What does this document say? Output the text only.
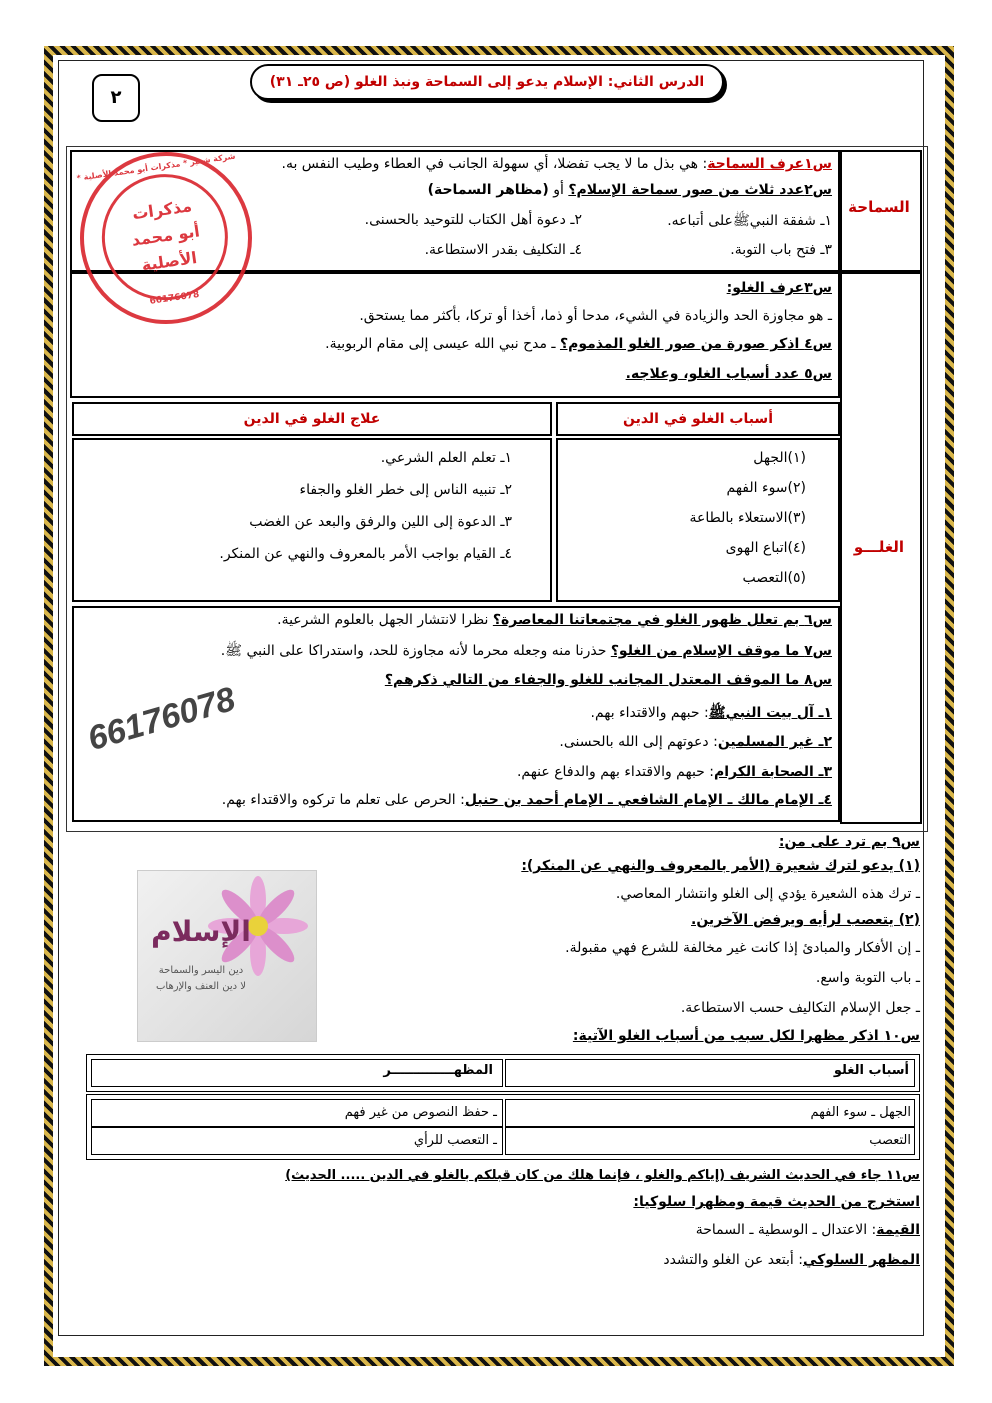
٢
الدرس الثاني: الإسلام يدعو إلى السماحة ونبذ الغلو (ص ٢٥ـ ٣١)
السماحة
س١عرف السماحة: هي بذل ما لا يجب تفضلا، أي سهولة الجانب في العطاء وطيب النفس به.
س٢عدد ثلاث من صور سماحة الإسلام؟ أو (مظاهر السماحة)
١ـ شفقة النبيﷺعلى أتباعه.
٢ـ دعوة أهل الكتاب للتوحيد بالحسنى.
٣ـ فتح باب التوبة.
٤ـ التكليف بقدر الاستطاعة.
الغلـــو
س٣عرف الغلو:
ـ هو مجاوزة الحد والزيادة في الشيء، مدحا أو ذما، أخذا أو تركا، بأكثر مما يستحق.
س٤ اذكر صورة من صور الغلو المذموم؟ ـ مدح نبي الله عيسى إلى مقام الربوبية.
س٥ عدد أسباب الغلو، وعلاجه.
أسباب الغلو في الدين
علاج الغلو في الدين
(١)الجهل
(٢)سوء الفهم
(٣)الاستعلاء بالطاعة
(٤)اتباع الهوى
(٥)التعصب
١ـ تعلم العلم الشرعي.
٢ـ تنبيه الناس إلى خطر الغلو والجفاء
٣ـ الدعوة إلى اللين والرفق والبعد عن الغضب
٤ـ القيام بواجب الأمر بالمعروف والنهي عن المنكر.
س٦ بم تعلل ظهور الغلو في مجتمعاتنا المعاصرة؟ نظرا لانتشار الجهل بالعلوم الشرعية.
س٧ ما موقف الإسلام من الغلو؟ حذرنا منه وجعله محرما لأنه مجاوزة للحد، واستدراكا على النبي ﷺ.
س٨ ما الموقف المعتدل المجانب للغلو والجفاء من التالي ذكرهم؟
١ـ آل بيت النبيﷺ: حبهم والاقتداء بهم.
٢ـ غير المسلمين: دعوتهم إلى الله بالحسنى.
٣ـ الصحابة الكرام: حبهم والاقتداء بهم والدفاع عنهم.
٤ـ الإمام مالك ـ الإمام الشافعي ـ الإمام أحمد بن حنبل: الحرص على تعلم ما تركوه والاقتداء بهم.
شركة شعير * مذكرات أبو محمد الأصلية *
مذكرات
أبو محمد
الأصلية
66176078
66176078
الإسلام
دين اليسر والسماحة
لا دين العنف والإرهاب
س٩ بم ترد على من:
(١) يدعو لترك شعيرة (الأمر بالمعروف والنهي عن المنكر):
ـ ترك هذه الشعيرة يؤدي إلى الغلو وانتشار المعاصي.
(٢) يتعصب لرأيه ويرفض الآخرين.
ـ إن الأفكار والمبادئ إذا كانت غير مخالفة للشرع فهي مقبولة.
ـ باب التوبة واسع.
ـ جعل الإسلام التكاليف حسب الاستطاعة.
س١٠ اذكر مظهرا لكل سبب من أسباب الغلو الآتية:
أسباب الغلو
المظهــــــــــــــر
الجهل ـ سوء الفهم
ـ حفظ النصوص من غير فهم
التعصب
ـ التعصب للرأي
س١١ جاء في الحديث الشريف (إياكم والغلو ، فإنما هلك من كان قبلكم بالغلو في الدين ..... الحديث)
استخرج من الحديث قيمة ومظهرا سلوكيا:
القيمة: الاعتدال ـ الوسطية ـ السماحة
المظهر السلوكي: أبتعد عن الغلو والتشدد
